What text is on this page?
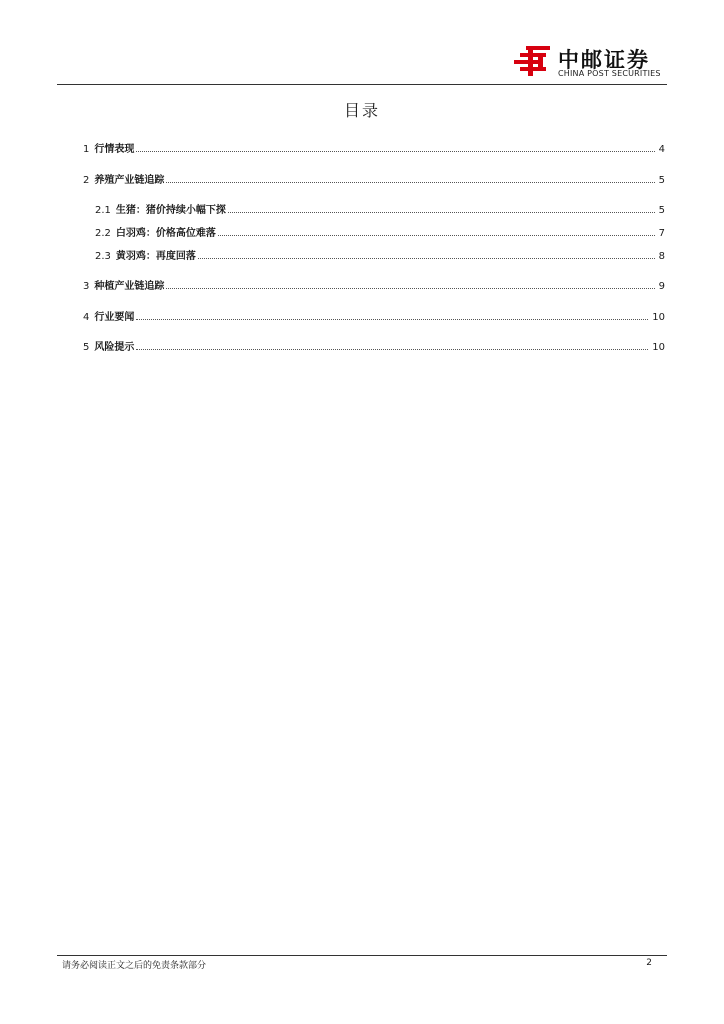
中邮证券
CHINA POST SECURITIES
目录
1 行情表现	4
2 养殖产业链追踪	5
2.1 生猪：猪价持续小幅下探	5
2.2 白羽鸡：价格高位难落	7
2.3 黄羽鸡：再度回落	8
3 种植产业链追踪	9
4 行业要闻	10
5 风险提示	10
请务必阅读正文之后的免责条款部分	2
